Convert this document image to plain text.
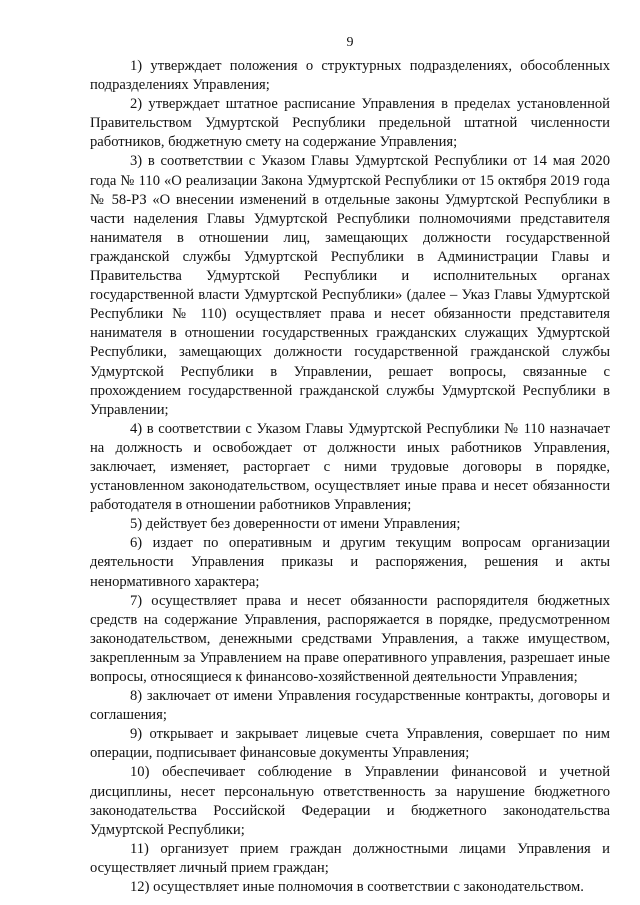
9

1) утверждает положения о структурных подразделениях, обособленных подразделениях Управления;

2) утверждает штатное расписание Управления в пределах установленной Правительством Удмуртской Республики предельной штатной численности работников, бюджетную смету на содержание Управления;

3) в соответствии с Указом Главы Удмуртской Республики от 14 мая 2020 года № 110 «О реализации Закона Удмуртской Республики от 15 октября 2019 года № 58-РЗ «О внесении изменений в отдельные законы Удмуртской Республики в части наделения Главы Удмуртской Республики полномочиями представителя нанимателя в отношении лиц, замещающих должности государственной гражданской службы Удмуртской Республики в Администрации Главы и Правительства Удмуртской Республики и исполнительных органах государственной власти Удмуртской Республики» (далее – Указ Главы Удмуртской Республики № 110) осуществляет права и несет обязанности представителя нанимателя в отношении государственных гражданских служащих Удмуртской Республики, замещающих должности государственной гражданской службы Удмуртской Республики в Управлении, решает вопросы, связанные с прохождением государственной гражданской службы Удмуртской Республики в Управлении;

4) в соответствии с Указом Главы Удмуртской Республики № 110 назначает на должность и освобождает от должности иных работников Управления, заключает, изменяет, расторгает с ними трудовые договоры в порядке, установленном законодательством, осуществляет иные права и несет обязанности работодателя в отношении работников Управления;

5) действует без доверенности от имени Управления;

6) издает по оперативным и другим текущим вопросам организации деятельности Управления приказы и распоряжения, решения и акты ненормативного характера;

7) осуществляет права и несет обязанности распорядителя бюджетных средств на содержание Управления, распоряжается в порядке, предусмотренном законодательством, денежными средствами Управления, а также имуществом, закрепленным за Управлением на праве оперативного управления, разрешает иные вопросы, относящиеся к финансово-хозяйственной деятельности Управления;

8) заключает от имени Управления государственные контракты, договоры и соглашения;

9) открывает и закрывает лицевые счета Управления, совершает по ним операции, подписывает финансовые документы Управления;

10) обеспечивает соблюдение в Управлении финансовой и учетной дисциплины, несет персональную ответственность за нарушение бюджетного законодательства Российской Федерации и бюджетного законодательства Удмуртской Республики;

11) организует прием граждан должностными лицами Управления и осуществляет личный прием граждан;

12) осуществляет иные полномочия в соответствии с законодательством.
